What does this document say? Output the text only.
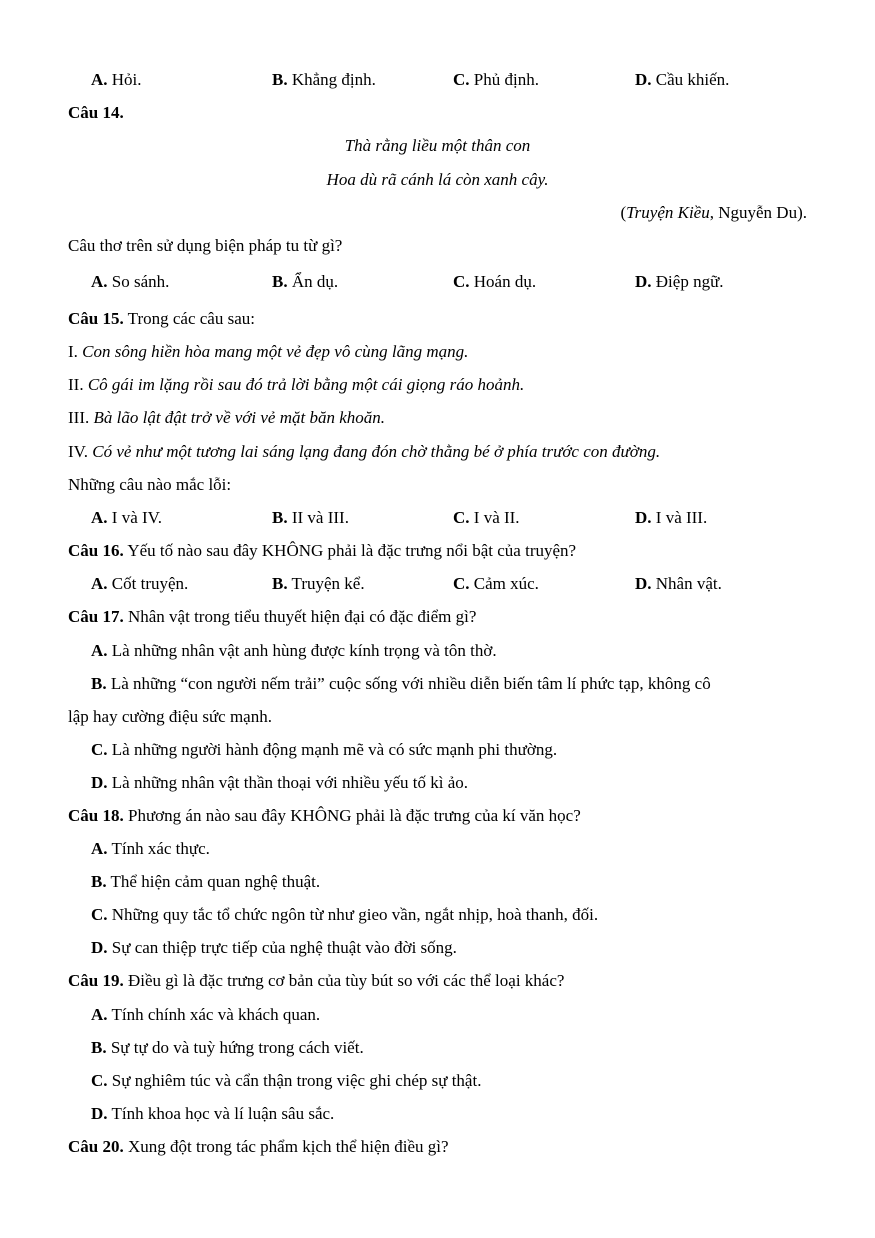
A. Hỏi.	B. Khẳng định.	C. Phủ định.	D. Cầu khiến.
Câu 14.
Thà rằng liều một thân con
Hoa dù rã cánh lá còn xanh cây.
(Truyện Kiều, Nguyễn Du).
Câu thơ trên sử dụng biện pháp tu từ gì?
A. So sánh.	B. Ẩn dụ.	C. Hoán dụ.	D. Điệp ngữ.
Câu 15. Trong các câu sau:
I. Con sông hiền hòa mang một vẻ đẹp vô cùng lãng mạng.
II. Cô gái im lặng rồi sau đó trả lời bằng một cái giọng ráo hoảnh.
III. Bà lão lật đật trở về với vẻ mặt băn khoăn.
IV. Có vẻ như một tương lai sáng lạng đang đón chờ thằng bé ở phía trước con đường.
Những câu nào mắc lỗi:
A. I và IV.	B. II và III.	C. I và II.	D. I và III.
Câu 16. Yếu tố nào sau đây KHÔNG phải là đặc trưng nổi bật của truyện?
A. Cốt truyện.	B. Truyện kể.	C. Cảm xúc.	D. Nhân vật.
Câu 17. Nhân vật trong tiểu thuyết hiện đại có đặc điểm gì?
A. Là những nhân vật anh hùng được kính trọng và tôn thờ.
B. Là những “con người nếm trải” cuộc sống với nhiều diễn biến tâm lí phức tạp, không cô
lập hay cường điệu sức mạnh.
C. Là những người hành động mạnh mẽ và có sức mạnh phi thường.
D. Là những nhân vật thần thoại với nhiều yếu tố kì ảo.
Câu 18. Phương án nào sau đây KHÔNG phải là đặc trưng của kí văn học?
A. Tính xác thực.
B. Thể hiện cảm quan nghệ thuật.
C. Những quy tắc tổ chức ngôn từ như gieo vần, ngắt nhịp, hoà thanh, đối.
D. Sự can thiệp trực tiếp của nghệ thuật vào đời sống.
Câu 19. Điều gì là đặc trưng cơ bản của tùy bút so với các thể loại khác?
A. Tính chính xác và khách quan.
B. Sự tự do và tuỳ hứng trong cách viết.
C. Sự nghiêm túc và cẩn thận trong việc ghi chép sự thật.
D. Tính khoa học và lí luận sâu sắc.
Câu 20. Xung đột trong tác phẩm kịch thể hiện điều gì?
